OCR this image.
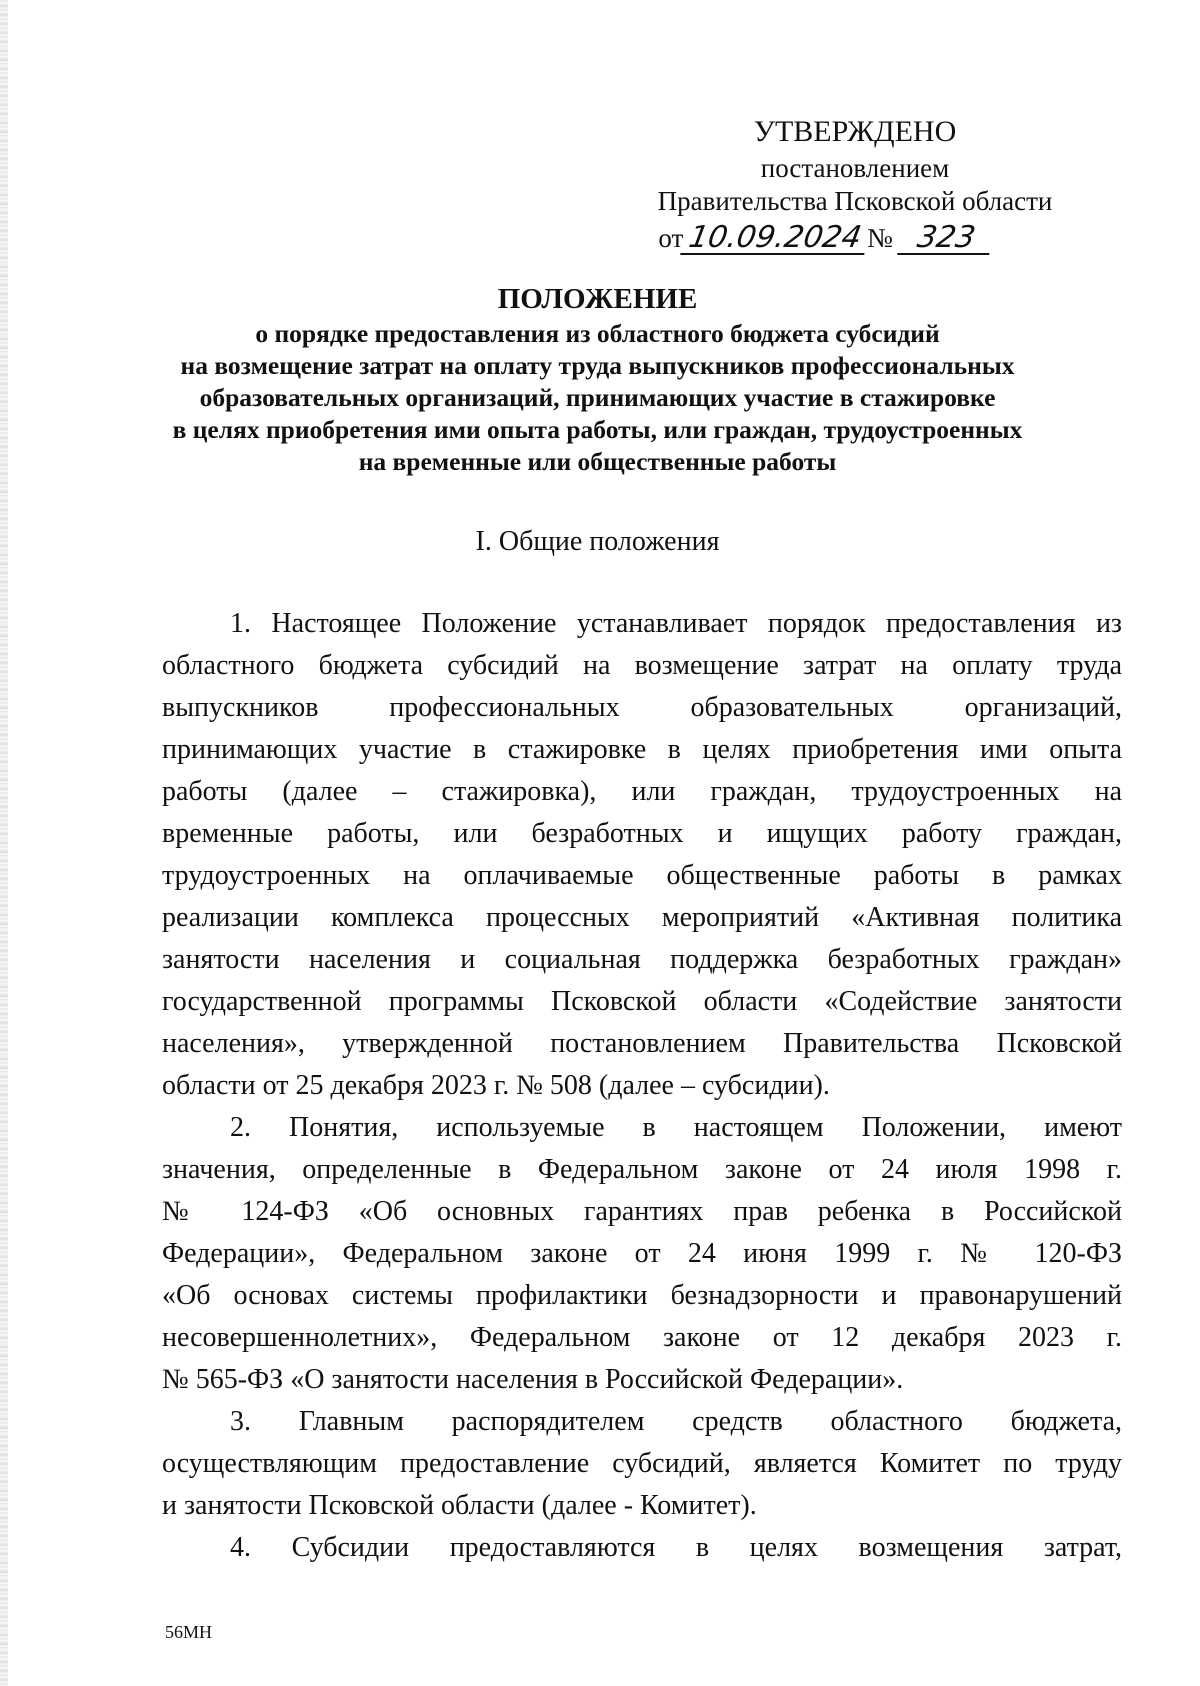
УТВЕРЖДЕНО
постановлением
Правительства Псковской области
от 10.09.2024№ 323
ПОЛОЖЕНИЕ
о порядке предоставления из областного бюджета субсидий
на возмещение затрат на оплату труда выпускников профессиональных
образовательных организаций, принимающих участие в стажировке
в целях приобретения ими опыта работы, или граждан, трудоустроенных
на временные или общественные работы
I. Общие положения
1. Настоящее Положение устанавливает порядок предоставления из
областного бюджета субсидий на возмещение затрат на оплату труда
выпускников профессиональных образовательных организаций,
принимающих участие в стажировке в целях приобретения ими опыта
работы (далее – стажировка), или граждан, трудоустроенных на
временные работы, или безработных и ищущих работу граждан,
трудоустроенных на оплачиваемые общественные работы в рамках
реализации комплекса процессных мероприятий «Активная политика
занятости населения и социальная поддержка безработных граждан»
государственной программы Псковской области «Содействие занятости
населения», утвержденной постановлением Правительства Псковской
области от 25 декабря 2023 г. № 508 (далее – субсидии).
2. Понятия, используемые в настоящем Положении, имеют
значения, определенные в Федеральном законе от 24 июля 1998 г.
№ 124-ФЗ «Об основных гарантиях прав ребенка в Российской
Федерации», Федеральном законе от 24 июня 1999 г. № 120-ФЗ
«Об основах системы профилактики безнадзорности и правонарушений
несовершеннолетних», Федеральном законе от 12 декабря 2023 г.
№ 565-ФЗ «О занятости населения в Российской Федерации».
3. Главным распорядителем средств областного бюджета,
осуществляющим предоставление субсидий, является Комитет по труду
и занятости Псковской области (далее - Комитет).
4. Субсидии предоставляются в целях возмещения затрат,
56МН
